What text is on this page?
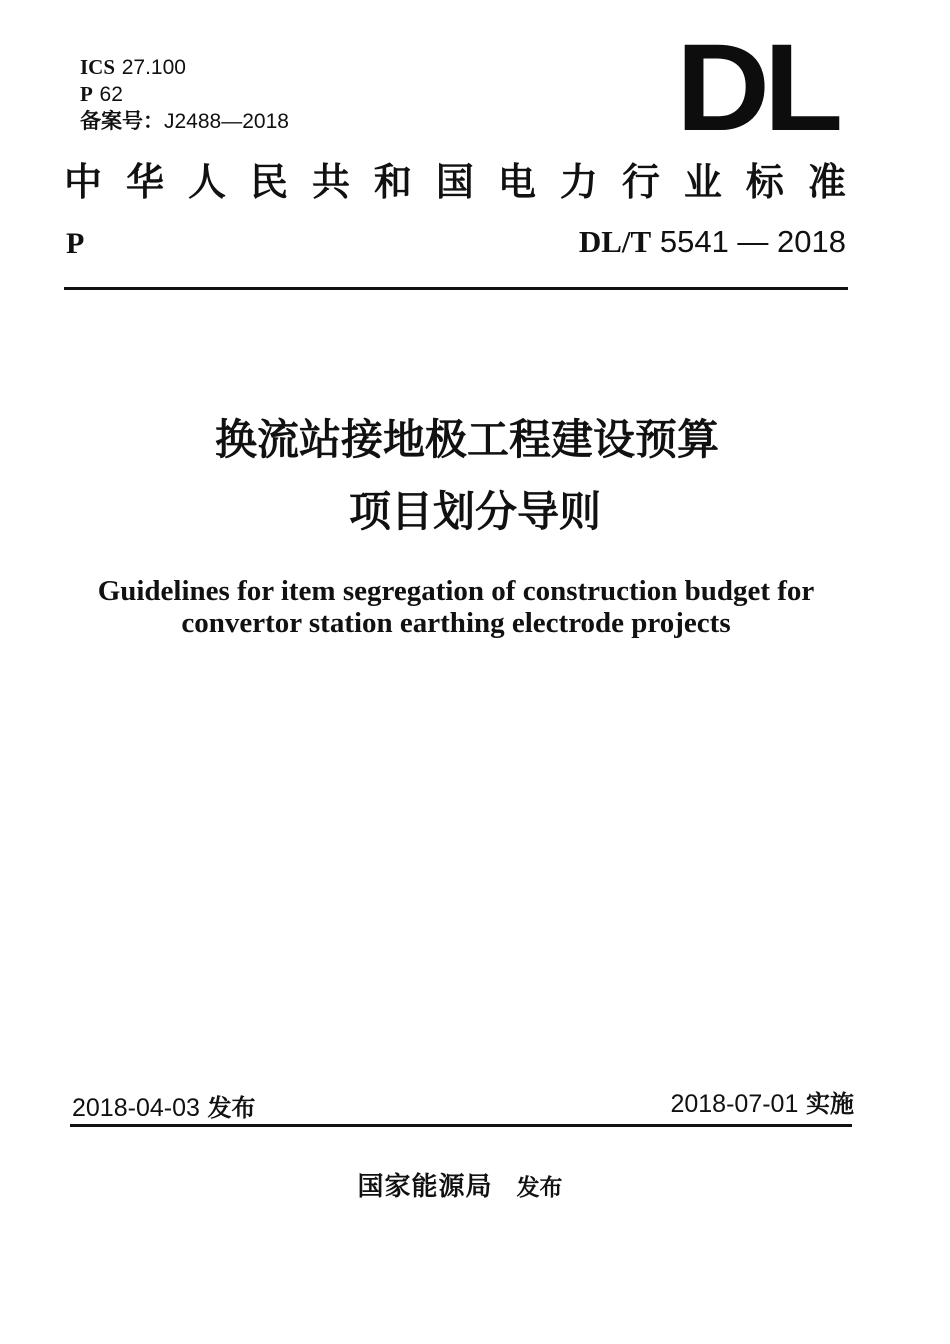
ICS 27.100
P 62
备案号：J2488—2018	DL
中 华 人 民 共 和 国 电 力 行 业 标 准
P	DL/T 5541 — 2018
换流站接地极工程建设预算
项目划分导则
Guidelines for item segregation of construction budget for
convertor station earthing electrode projects
2018-04-03 发布	2018-07-01 实施
国家能源局 发布
